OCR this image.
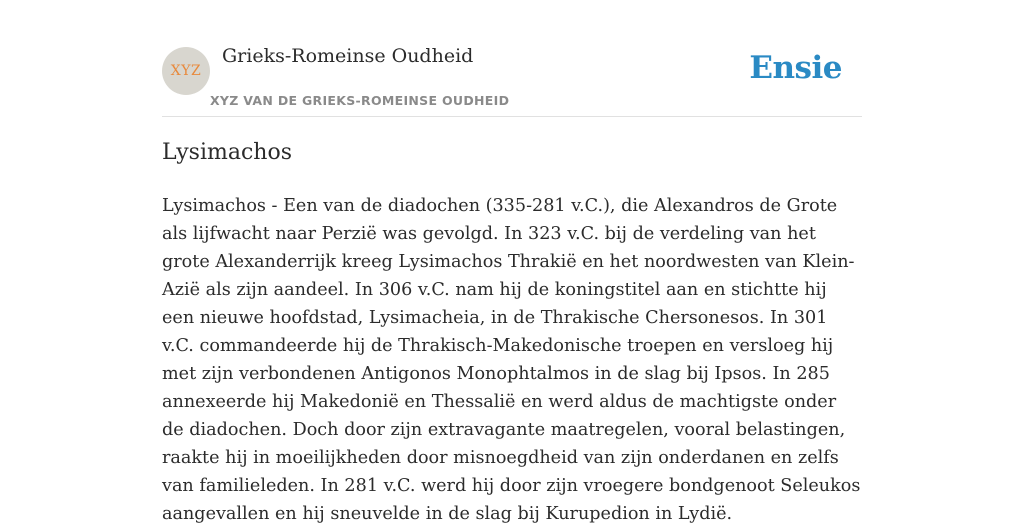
XYZ
Grieks-Romeinse Oudheid
XYZ VAN DE GRIEKS-ROMEINSE OUDHEID
Ensie
Lysimachos

Lysimachos - Een van de diadochen (335-281 v.C.), die Alexandros de Grote als lijfwacht naar Perzië was gevolgd. In 323 v.C. bij de verdeling van het grote Alexanderrijk kreeg Lysimachos Thrakië en het noordwesten van Klein-Azië als zijn aandeel. In 306 v.C. nam hij de koningstitel aan en stichtte hij een nieuwe hoofdstad, Lysimacheia, in de Thrakische Chersonesos. In 301 v.C. commandeerde hij de Thrakisch-Makedonische troepen en versloeg hij met zijn verbondenen Antigonos Monophtalmos in de slag bij Ipsos. In 285 annexeerde hij Makedonië en Thessalië en werd aldus de machtigste onder de diadochen. Doch door zijn extravagante maatregelen, vooral belastingen, raakte hij in moeilijkheden door misnoegdheid van zijn onderdanen en zelfs van familieleden. In 281 v.C. werd hij door zijn vroegere bondgenoot Seleukos aangevallen en hij sneuvelde in de slag bij Kurupedion in Lydië.
